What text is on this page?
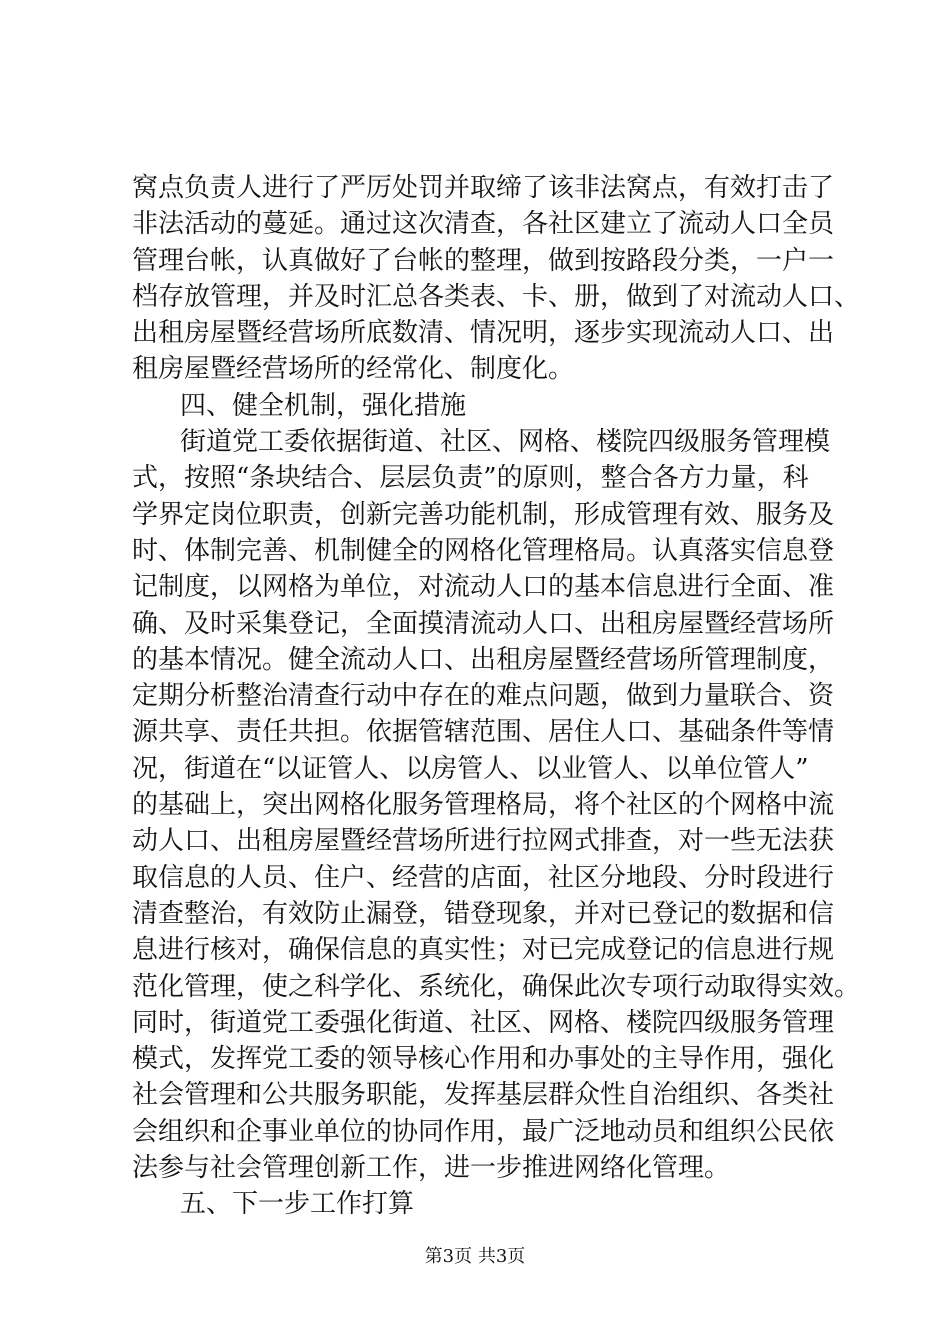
窝点负责人进行了严厉处罚并取缔了该非法窝点，有效打击了
非法活动的蔓延。通过这次清查，各社区建立了流动人口全员
管理台帐，认真做好了台帐的整理，做到按路段分类，一户一
档存放管理，并及时汇总各类表、卡、册，做到了对流动人口、
出租房屋暨经营场所底数清、情况明，逐步实现流动人口、出
租房屋暨经营场所的经常化、制度化。
四、健全机制，强化措施
街道党工委依据街道、社区、网格、楼院四级服务管理模
式，按照“条块结合、层层负责”的原则，整合各方力量，科
学界定岗位职责，创新完善功能机制，形成管理有效、服务及
时、体制完善、机制健全的网格化管理格局。认真落实信息登
记制度，以网格为单位，对流动人口的基本信息进行全面、准
确、及时采集登记，全面摸清流动人口、出租房屋暨经营场所
的基本情况。健全流动人口、出租房屋暨经营场所管理制度，
定期分析整治清查行动中存在的难点问题，做到力量联合、资
源共享、责任共担。依据管辖范围、居住人口、基础条件等情
况，街道在“以证管人、以房管人、以业管人、以单位管人”
的基础上，突出网格化服务管理格局，将个社区的个网格中流
动人口、出租房屋暨经营场所进行拉网式排查，对一些无法获
取信息的人员、住户、经营的店面，社区分地段、分时段进行
清查整治，有效防止漏登，错登现象，并对已登记的数据和信
息进行核对，确保信息的真实性；对已完成登记的信息进行规
范化管理，使之科学化、系统化，确保此次专项行动取得实效。
同时，街道党工委强化街道、社区、网格、楼院四级服务管理
模式，发挥党工委的领导核心作用和办事处的主导作用，强化
社会管理和公共服务职能，发挥基层群众性自治组织、各类社
会组织和企事业单位的协同作用，最广泛地动员和组织公民依
法参与社会管理创新工作，进一步推进网络化管理。
五、下一步工作打算
第3页 共3页
